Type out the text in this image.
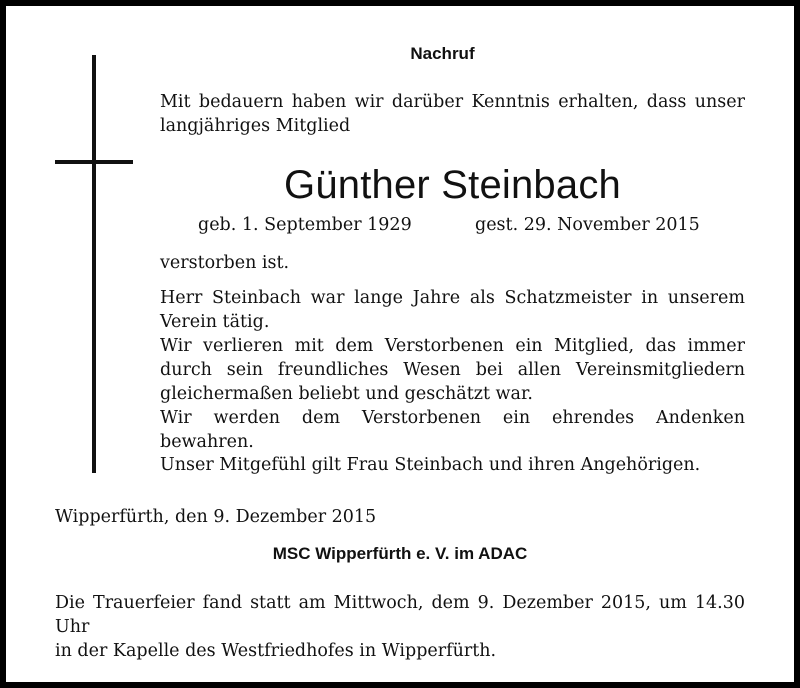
Nachruf
Mit bedauern haben wir darüber Kenntnis erhalten, dass unser
langjähriges Mitglied
Günther Steinbach
geb. 1. September 1929	gest. 29. November 2015
verstorben ist.
Herr Steinbach war lange Jahre als Schatzmeister in unserem
Verein tätig.
Wir verlieren mit dem Verstorbenen ein Mitglied, das immer
durch sein freundliches Wesen bei allen Vereinsmitgliedern
gleichermaßen beliebt und geschätzt war.
Wir werden dem Verstorbenen ein ehrendes Andenken bewahren.
Unser Mitgefühl gilt Frau Steinbach und ihren Angehörigen.
Wipperfürth, den 9. Dezember 2015
MSC Wipperfürth e. V. im ADAC
Die Trauerfeier fand statt am Mittwoch, dem 9. Dezember 2015, um 14.30 Uhr
in der Kapelle des Westfriedhofes in Wipperfürth.
